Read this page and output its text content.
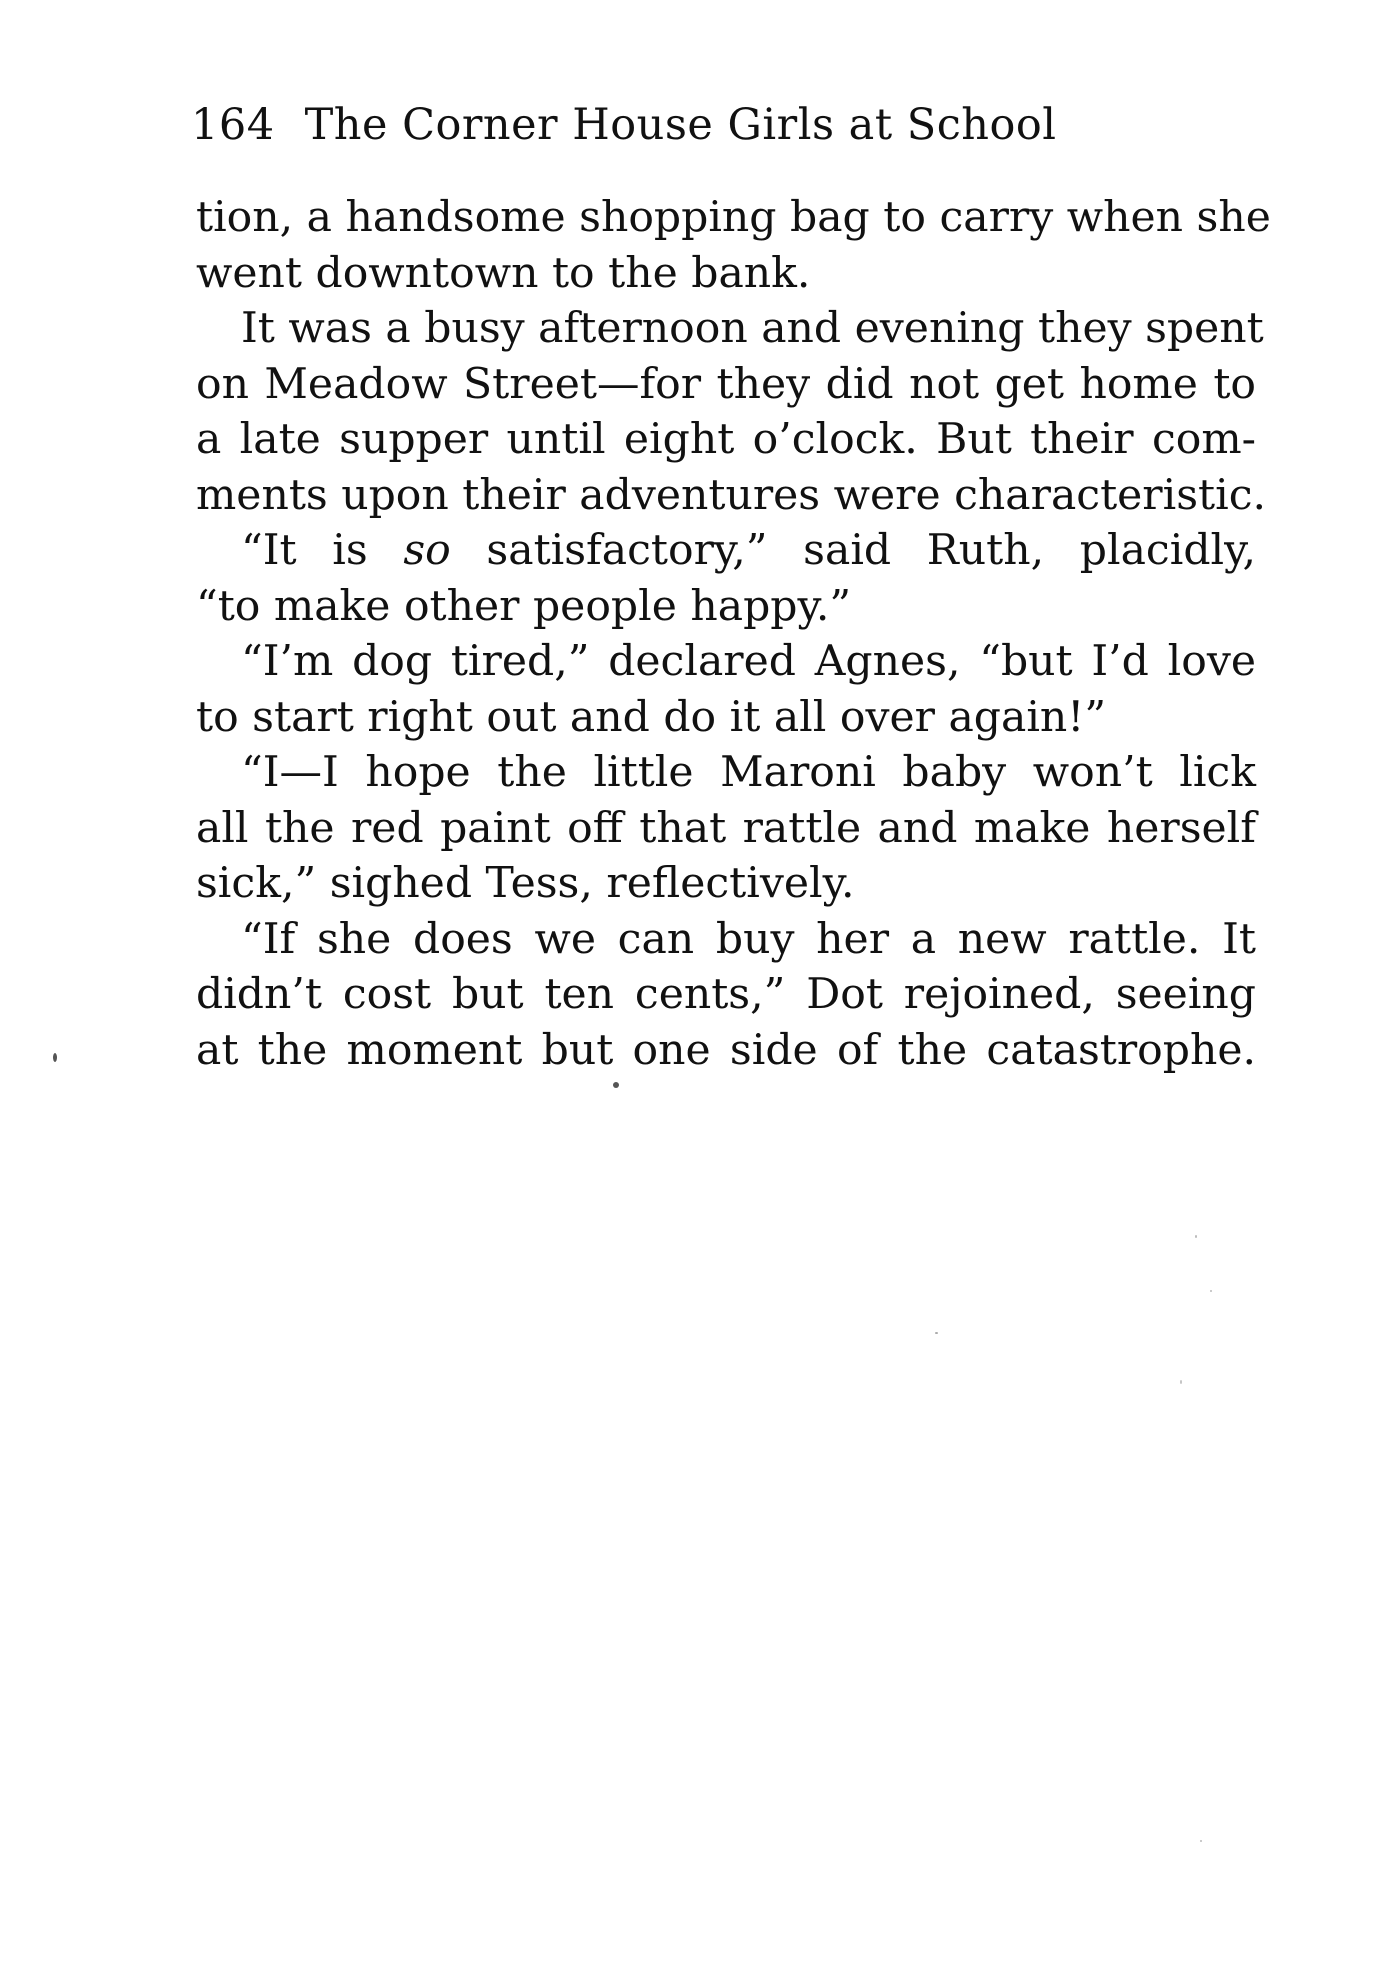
164 The Corner House Girls at School
tion, a handsome shopping bag to carry when she
went downtown to the bank.
It was a busy afternoon and evening they spent
on Meadow Street—for they did not get home to
a late supper until eight o’clock. But their com-
ments upon their adventures were characteristic.
“It is so satisfactory,” said Ruth, placidly,
“to make other people happy.”
“I’m dog tired,” declared Agnes, “but I’d love
to start right out and do it all over again!”
“I—I hope the little Maroni baby won’t lick
all the red paint off that rattle and make herself
sick,” sighed Tess, reflectively.
“If she does we can buy her a new rattle. It
didn’t cost but ten cents,” Dot rejoined, seeing
at the moment but one side of the catastrophe.
